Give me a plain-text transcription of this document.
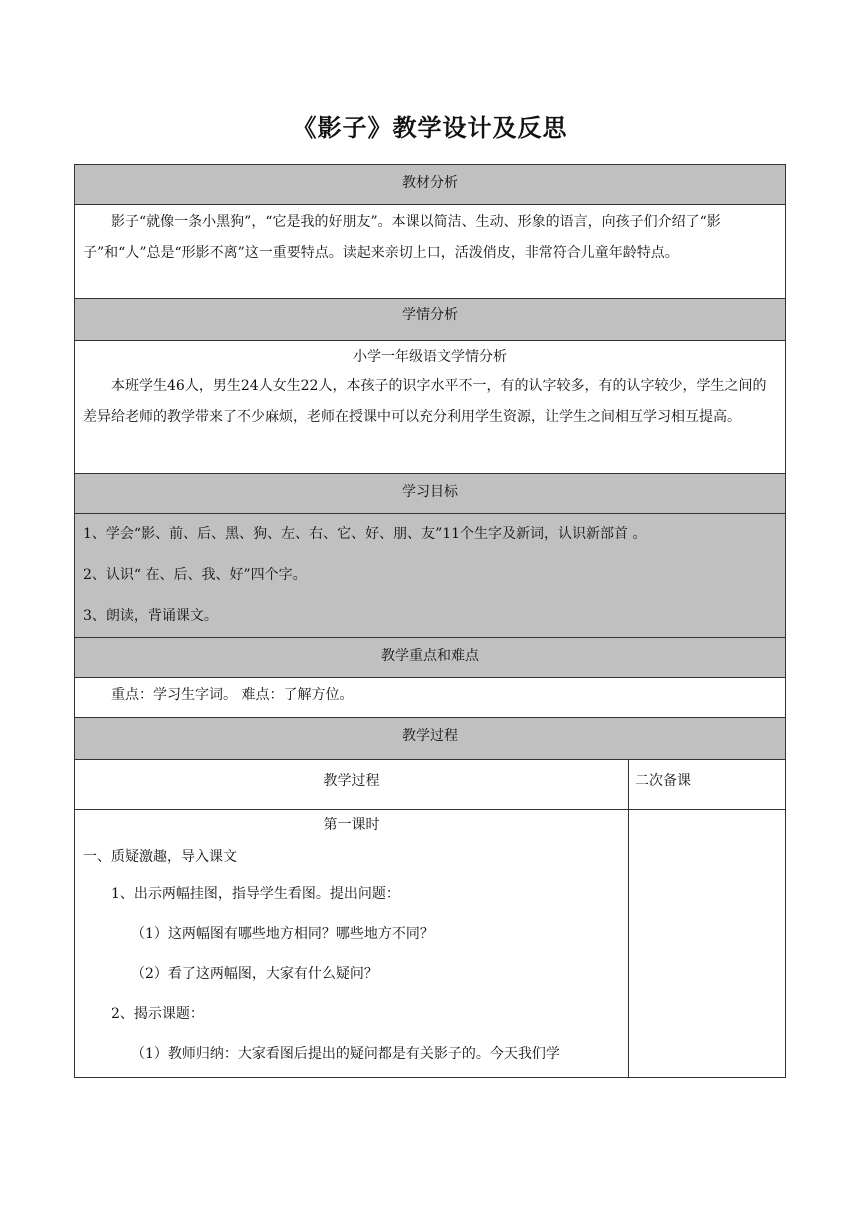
《影子》教学设计及反思
教材分析

影子“就像一条小黑狗”，“它是我的好朋友”。本课以简洁、生动、形象的语言，向孩子们介绍了“影子”和“人”总是“形影不离”这一重要特点。读起来亲切上口，活泼俏皮，非常符合儿童年龄特点。

学情分析

小学一年级语文学情分析

本班学生46人，男生24人女生22人，本孩子的识字水平不一，有的认字较多，有的认字较少，学生之间的差异给老师的教学带来了不少麻烦，老师在授课中可以充分利用学生资源，让学生之间相互学习相互提高。

学习目标

1、学会“影、前、后、黑、狗、左、右、它、好、朋、友”11个生字及新词，认识新部首 。

2、认识“ 在、后、我、好”四个字。

3、朗读，背诵课文。

教学重点和难点

重点：学习生字词。 难点：了解方位。

教学过程
教学过程	二次备课

第一课时

一、质疑激趣，导入课文

1、出示两幅挂图，指导学生看图。提出问题：

（1）这两幅图有哪些地方相同？哪些地方不同？

（2）看了这两幅图，大家有什么疑问？

2、揭示课题：

（1）教师归纳：大家看图后提出的疑问都是有关影子的。今天我们学
